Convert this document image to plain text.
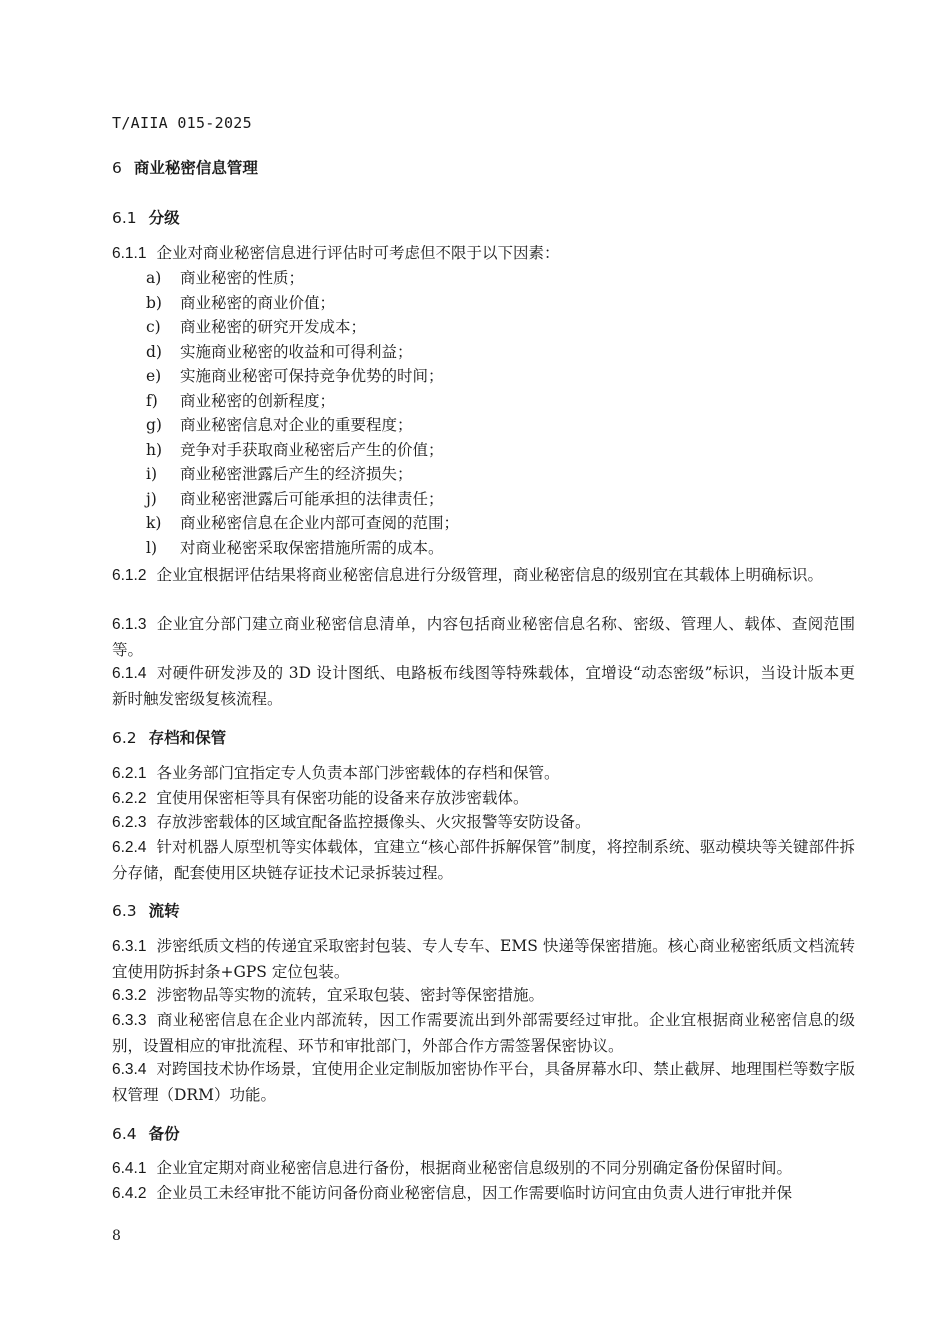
T/AIIA 015-2025
6 商业秘密信息管理
6.1 分级
6.1.1 企业对商业秘密信息进行评估时可考虑但不限于以下因素：
a) 商业秘密的性质；
b) 商业秘密的商业价值；
c) 商业秘密的研究开发成本；
d) 实施商业秘密的收益和可得利益；
e) 实施商业秘密可保持竞争优势的时间；
f) 商业秘密的创新程度；
g) 商业秘密信息对企业的重要程度；
h) 竞争对手获取商业秘密后产生的价值；
i) 商业秘密泄露后产生的经济损失；
j) 商业秘密泄露后可能承担的法律责任；
k) 商业秘密信息在企业内部可查阅的范围；
l) 对商业秘密采取保密措施所需的成本。
6.1.2 企业宜根据评估结果将商业秘密信息进行分级管理，商业秘密信息的级别宜在其载体上明确标识。
6.1.3 企业宜分部门建立商业秘密信息清单，内容包括商业秘密信息名称、密级、管理人、载体、查阅范围等。
6.1.4 对硬件研发涉及的 3D 设计图纸、电路板布线图等特殊载体，宜增设“动态密级”标识，当设计版本更新时触发密级复核流程。
6.2 存档和保管
6.2.1 各业务部门宜指定专人负责本部门涉密载体的存档和保管。
6.2.2 宜使用保密柜等具有保密功能的设备来存放涉密载体。
6.2.3 存放涉密载体的区域宜配备监控摄像头、火灾报警等安防设备。
6.2.4 针对机器人原型机等实体载体，宜建立“核心部件拆解保管”制度，将控制系统、驱动模块等关键部件拆分存储，配套使用区块链存证技术记录拆装过程。
6.3 流转
6.3.1 涉密纸质文档的传递宜采取密封包装、专人专车、EMS 快递等保密措施。核心商业秘密纸质文档流转宜使用防拆封条+GPS 定位包装。
6.3.2 涉密物品等实物的流转，宜采取包装、密封等保密措施。
6.3.3 商业秘密信息在企业内部流转，因工作需要流出到外部需要经过审批。企业宜根据商业秘密信息的级别，设置相应的审批流程、环节和审批部门，外部合作方需签署保密协议。
6.3.4 对跨国技术协作场景，宜使用企业定制版加密协作平台，具备屏幕水印、禁止截屏、地理围栏等数字版权管理（DRM）功能。
6.4 备份
6.4.1 企业宜定期对商业秘密信息进行备份，根据商业秘密信息级别的不同分别确定备份保留时间。
6.4.2 企业员工未经审批不能访问备份商业秘密信息，因工作需要临时访问宜由负责人进行审批并保
8
